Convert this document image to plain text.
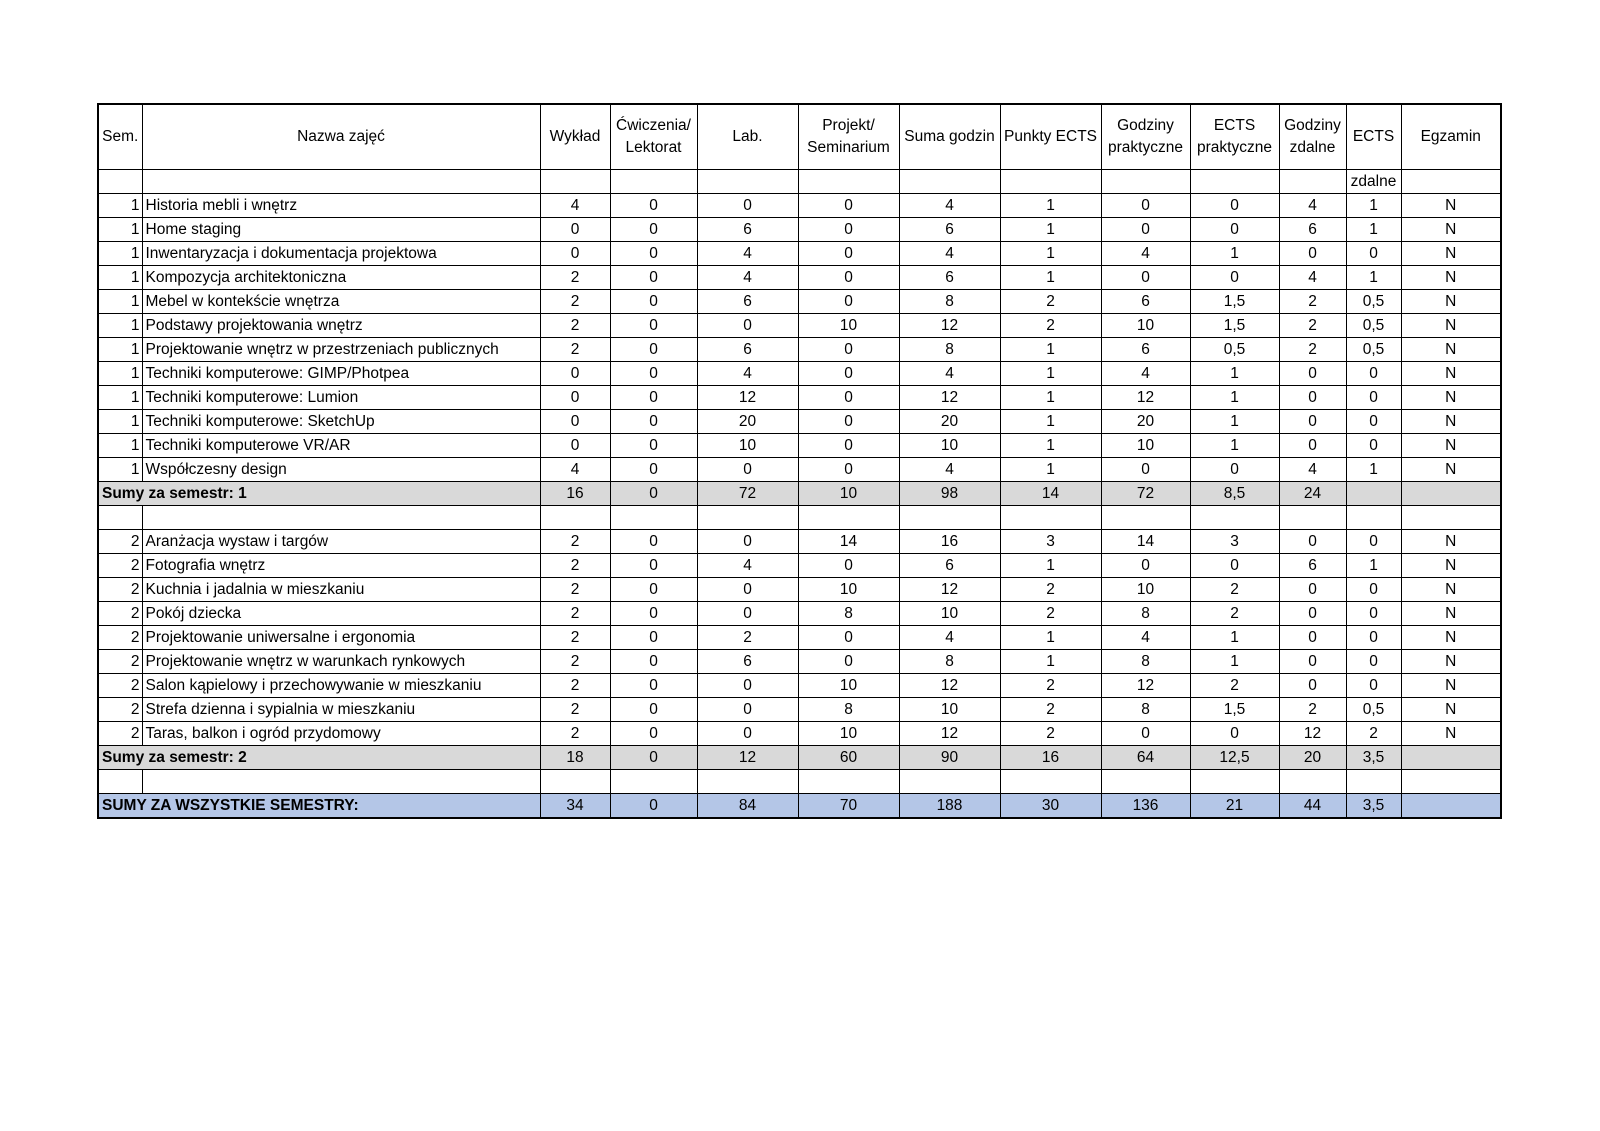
Sem.	Nazwa zajęć	Wykład	Ćwiczenia/ Lektorat	Lab.	Projekt/ Seminarium	Suma godzin	Punkty ECTS	Godziny praktyczne	ECTS praktyczne	Godziny zdalne	ECTS	Egzamin
											zdalne	
1	Historia mebli i wnętrz	4	0	0	0	4	1	0	0	4	1	N
1	Home staging	0	0	6	0	6	1	0	0	6	1	N
1	Inwentaryzacja i dokumentacja projektowa	0	0	4	0	4	1	4	1	0	0	N
1	Kompozycja architektoniczna	2	0	4	0	6	1	0	0	4	1	N
1	Mebel w kontekście wnętrza	2	0	6	0	8	2	6	1,5	2	0,5	N
1	Podstawy projektowania wnętrz	2	0	0	10	12	2	10	1,5	2	0,5	N
1	Projektowanie wnętrz w przestrzeniach publicznych	2	0	6	0	8	1	6	0,5	2	0,5	N
1	Techniki komputerowe: GIMP/Photpea	0	0	4	0	4	1	4	1	0	0	N
1	Techniki komputerowe: Lumion	0	0	12	0	12	1	12	1	0	0	N
1	Techniki komputerowe: SketchUp	0	0	20	0	20	1	20	1	0	0	N
1	Techniki komputerowe VR/AR	0	0	10	0	10	1	10	1	0	0	N
1	Współczesny design	4	0	0	0	4	1	0	0	4	1	N
Sumy za semestr: 1		16	0	72	10	98	14	72	8,5	24		

2	Aranżacja wystaw i targów	2	0	0	14	16	3	14	3	0	0	N
2	Fotografia wnętrz	2	0	4	0	6	1	0	0	6	1	N
2	Kuchnia i jadalnia w mieszkaniu	2	0	0	10	12	2	10	2	0	0	N
2	Pokój dziecka	2	0	0	8	10	2	8	2	0	0	N
2	Projektowanie uniwersalne i ergonomia	2	0	2	0	4	1	4	1	0	0	N
2	Projektowanie wnętrz w warunkach rynkowych	2	0	6	0	8	1	8	1	0	0	N
2	Salon kąpielowy i przechowywanie w mieszkaniu	2	0	0	10	12	2	12	2	0	0	N
2	Strefa dzienna i sypialnia w mieszkaniu	2	0	0	8	10	2	8	1,5	2	0,5	N
2	Taras, balkon i ogród przydomowy	2	0	0	10	12	2	0	0	12	2	N
Sumy za semestr: 2		18	0	12	60	90	16	64	12,5	20	3,5	

SUMY ZA WSZYSTKIE SEMESTRY:		34	0	84	70	188	30	136	21	44	3,5	
